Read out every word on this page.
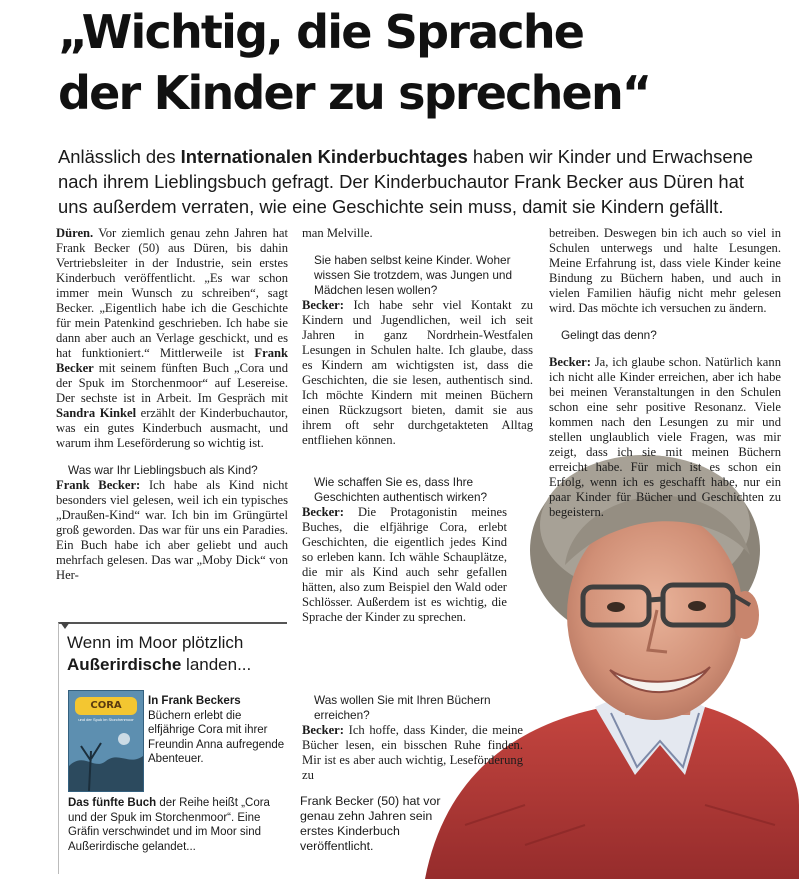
„Wichtig, die Sprache
der Kinder zu sprechen“
Anlässlich des Internationalen Kinderbuchtages haben wir Kinder und Erwachsene
nach ihrem Lieblingsbuch gefragt. Der Kinderbuchautor Frank Becker aus Düren hat
uns außerdem verraten, wie eine Geschichte sein muss, damit sie Kindern gefällt.

Düren. Vor ziemlich genau zehn Jahren hat Frank Becker (50) aus Düren, bis dahin Vertriebsleiter in der Industrie, sein erstes Kinderbuch veröffentlicht. „Es war schon immer mein Wunsch zu schreiben“, sagt Becker. „Eigentlich habe ich die Geschichte für mein Patenkind geschrieben. Ich habe sie dann aber auch an Verlage geschickt, und es hat funktioniert.“ Mittlerweile ist Frank Becker mit seinem fünften Buch „Cora und der Spuk im Storchenmoor“ auf Lesereise. Der sechste ist in Arbeit. Im Gespräch mit Sandra Kinkel erzählt der Kinderbuchautor, was ein gutes Kinderbuch ausmacht, und warum ihm Leseförderung so wichtig ist.

Was war Ihr Lieblingsbuch als Kind?

Frank Becker: Ich habe als Kind nicht besonders viel gelesen, weil ich ein typisches „Draußen-Kind“ war. Ich bin im Grüngürtel groß geworden. Das war für uns ein Paradies. Ein Buch habe ich aber geliebt und auch mehrfach gelesen. Das war „Moby Dick“ von Her-

man Melville.

Sie haben selbst keine Kinder. Woher wissen Sie trotzdem, was Jungen und Mädchen lesen wollen?

Becker: Ich habe sehr viel Kontakt zu Kindern und Jugendlichen, weil ich seit Jahren in ganz Nordrhein-Westfalen Lesungen in Schulen halte. Ich glaube, dass es Kindern am wichtigsten ist, dass die Geschichten, die sie lesen, authentisch sind. Ich möchte Kindern mit meinen Büchern einen Rückzugsort bieten, damit sie aus ihrem oft sehr durchgetakteten Alltag entfliehen können.

betreiben. Deswegen bin ich auch so viel in Schulen unterwegs und halte Lesungen. Meine Erfahrung ist, dass viele Kinder keine Bindung zu Büchern haben, und auch in vielen Familien häufig nicht mehr gelesen wird. Das möchte ich versuchen zu ändern.

Gelingt das denn?

Wie schaffen Sie es, dass Ihre Geschichten authentisch wirken?

Becker: Die Protagonistin meines Buches, die elfjährige Cora, erlebt Geschichten, die eigentlich jedes Kind so erleben kann. Ich wähle Schauplätze, die mir als Kind auch sehr gefallen hätten, also zum Beispiel den Wald oder Schlösser. Außerdem ist es wichtig, die Sprache der Kinder zu sprechen.

Was wollen Sie mit Ihren Büchern erreichen?

Becker: Ich hoffe, dass Kinder, die meine Bücher lesen, ein bisschen Ruhe finden. Mir ist es aber auch wichtig, Leseförderung zu

Becker: Ja, ich glaube schon. Natürlich kann ich nicht alle Kinder erreichen, aber ich habe bei meinen Veranstaltungen in den Schulen schon eine sehr positive Resonanz. Viele kommen nach den Lesungen zu mir und stellen unglaublich viele Fragen, was mir zeigt, dass ich sie mit meinen Büchern erreicht habe. Für mich ist es schon ein Erfolg, wenn ich es geschafft habe, nur ein paar Kinder für Bücher und Geschichten zu begeistern.

Frank Becker (50) hat vor genau zehn Jahren sein erstes Kinderbuch veröffentlicht.

Wenn im Moor plötzlich Außerirdische landen...

CORA
und der Spuk im Storchenmoor

In Frank Beckers Büchern erlebt die elfjährige Cora mit ihrer Freundin Anna aufregende Abenteuer.

Das fünfte Buch der Reihe heißt „Cora und der Spuk im Storchenmoor“. Eine Gräfin verschwindet und im Moor sind Außerirdische gelandet...
